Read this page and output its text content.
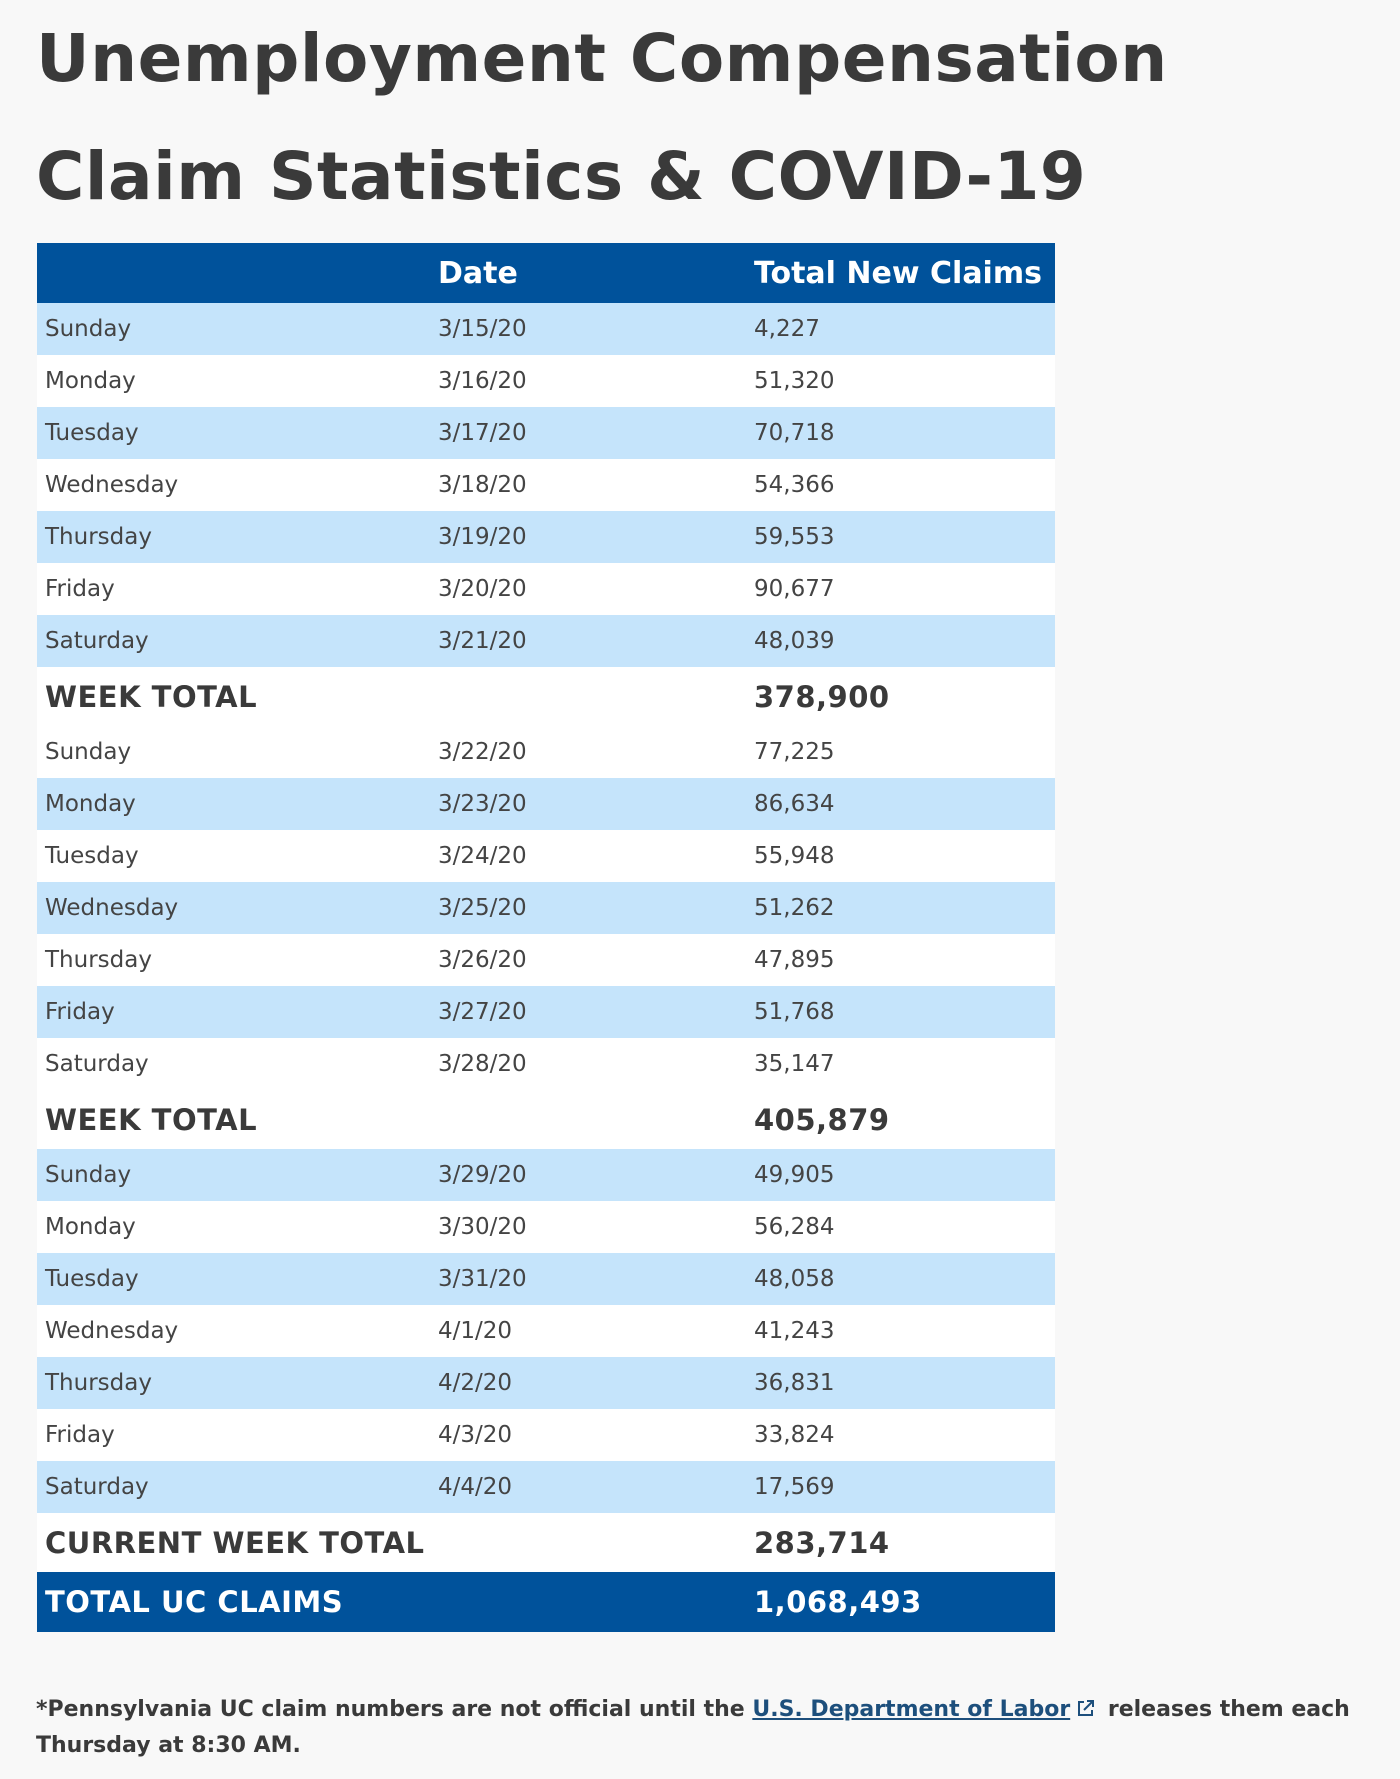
Unemployment Compensation
Claim Statistics & COVID-19
	Date	Total New Claims
Sunday	3/15/20	4,227
Monday	3/16/20	51,320
Tuesday	3/17/20	70,718
Wednesday	3/18/20	54,366
Thursday	3/19/20	59,553
Friday	3/20/20	90,677
Saturday	3/21/20	48,039
WEEK TOTAL		378,900
Sunday	3/22/20	77,225
Monday	3/23/20	86,634
Tuesday	3/24/20	55,948
Wednesday	3/25/20	51,262
Thursday	3/26/20	47,895
Friday	3/27/20	51,768
Saturday	3/28/20	35,147
WEEK TOTAL		405,879
Sunday	3/29/20	49,905
Monday	3/30/20	56,284
Tuesday	3/31/20	48,058
Wednesday	4/1/20	41,243
Thursday	4/2/20	36,831
Friday	4/3/20	33,824
Saturday	4/4/20	17,569
CURRENT WEEK TOTAL		283,714
TOTAL UC CLAIMS		1,068,493

*Pennsylvania UC claim numbers are not official until the U.S. Department of Labor releases them each Thursday at 8:30 AM.
